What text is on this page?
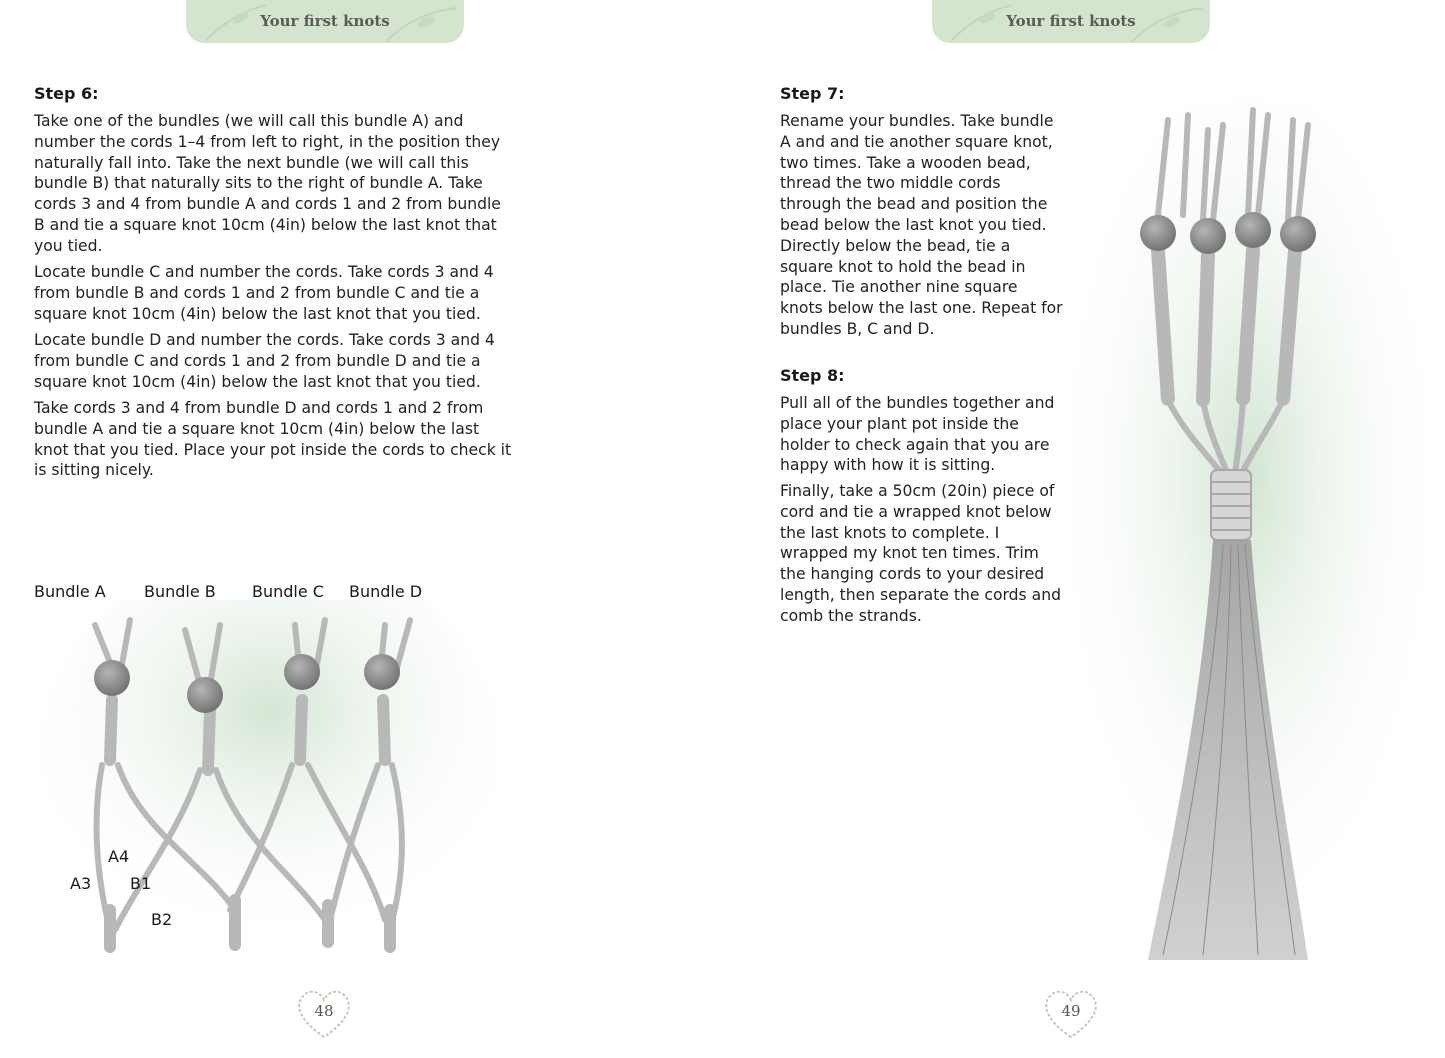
Your first knots
Step 6:

Take one of the bundles (we will call this bundle A) and number the cords 1–4 from left to right, in the position they naturally fall into. Take the next bundle (we will call this bundle B) that naturally sits to the right of bundle A. Take cords 3 and 4 from bundle A and cords 1 and 2 from bundle B and tie a square knot 10cm (4in) below the last knot that you tied.

Locate bundle C and number the cords. Take cords 3 and 4 from bundle B and cords 1 and 2 from bundle C and tie a square knot 10cm (4in) below the last knot that you tied.

Locate bundle D and number the cords. Take cords 3 and 4 from bundle C and cords 1 and 2 from bundle D and tie a square knot 10cm (4in) below the last knot that you tied.

Take cords 3 and 4 from bundle D and cords 1 and 2 from bundle A and tie a square knot 10cm (4in) below the last knot that you tied. Place your pot inside the cords to check it is sitting nicely.

Bundle A Bundle B Bundle C Bundle D
A4
A3 B1
B2
48
Your first knots
Step 7:

Rename your bundles. Take bundle A and and tie another square knot, two times. Take a wooden bead, thread the two middle cords through the bead and position the bead below the last knot you tied. Directly below the bead, tie a square knot to hold the bead in place. Tie another nine square knots below the last one. Repeat for bundles B, C and D.

Step 8:

Pull all of the bundles together and place your plant pot inside the holder to check again that you are happy with how it is sitting.

Finally, take a 50cm (20in) piece of cord and tie a wrapped knot below the last knots to complete. I wrapped my knot ten times. Trim the hanging cords to your desired length, then separate the cords and comb the strands.

49
